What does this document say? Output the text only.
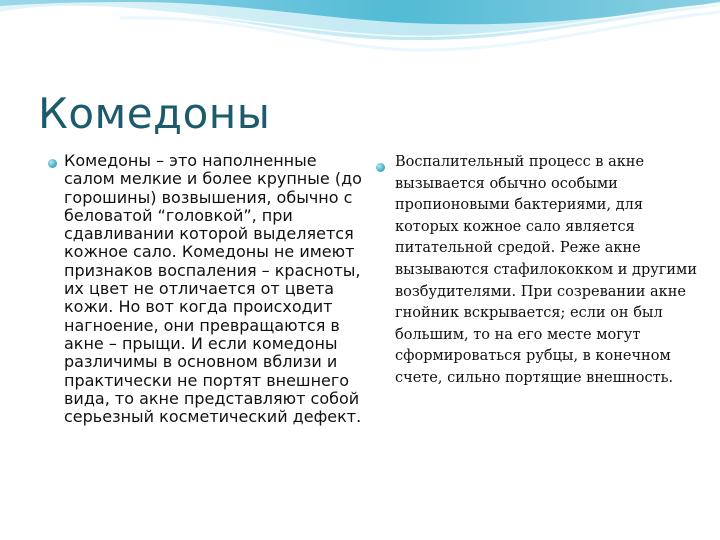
Комедоны
Комедоны – это наполненные салом мелкие и более крупные (до горошины) возвышения, обычно с беловатой “головкой”, при сдавливании которой выделяется кожное сало. Комедоны не имеют признаков воспаления – красноты, их цвет не отличается от цвета кожи. Но вот когда происходит нагноение, они превращаются в акне – прыщи. И если комедоны различимы в основном вблизи и практически не портят внешнего вида, то акне представляют собой серьезный косметический дефект.
Воспалительный процесс в акне вызывается обычно особыми пропионовыми бактериями, для которых кожное сало является питательной средой. Реже акне вызываются стафилококком и другими возбудителями. При созревании акне гнойник вскрывается; если он был большим, то на его месте могут сформироваться рубцы, в конечном счете, сильно портящие внешность.
